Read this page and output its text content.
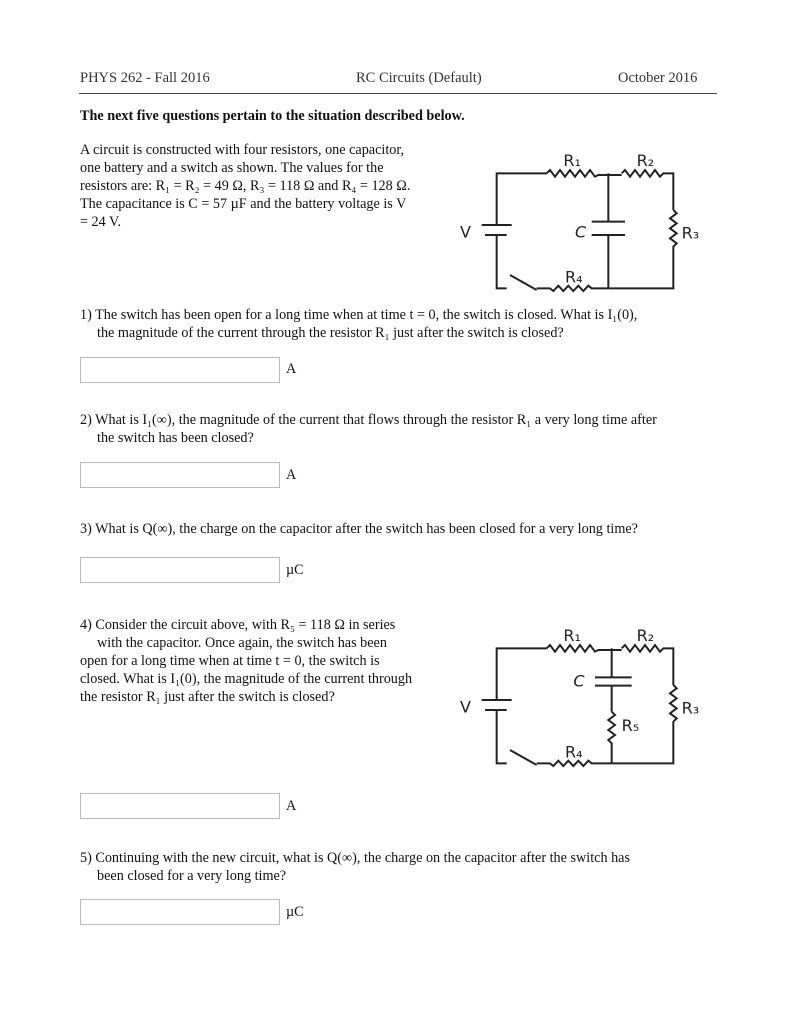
PHYS 262 - Fall 2016	RC Circuits (Default)	October 2016
The next five questions pertain to the situation described below.
A circuit is constructed with four resistors, one capacitor,
one battery and a switch as shown. The values for the
resistors are: R₁ = R₂ = 49 Ω, R₃ = 118 Ω and R₄ = 128 Ω.
The capacitance is C = 57 µF and the battery voltage is V
= 24 V.
V C
R₁ R₂
R₃
R₄
1) The switch has been open for a long time when at time t = 0, the switch is closed. What is I₁(0),
the magnitude of the current through the resistor R₁ just after the switch is closed?
A
2) What is I₁(∞), the magnitude of the current that flows through the resistor R₁ a very long time after
the switch has been closed?
A
3) What is Q(∞), the charge on the capacitor after the switch has been closed for a very long time?
µC
4) Consider the circuit above, with R₅ = 118 Ω in series
with the capacitor. Once again, the switch has been
open for a long time when at time t = 0, the switch is
closed. What is I₁(0), the magnitude of the current through
the resistor R₁ just after the switch is closed?
V
C
R₁ R₂
R₃
R₄
R₅
A
5) Continuing with the new circuit, what is Q(∞), the charge on the capacitor after the switch has
been closed for a very long time?
µC
